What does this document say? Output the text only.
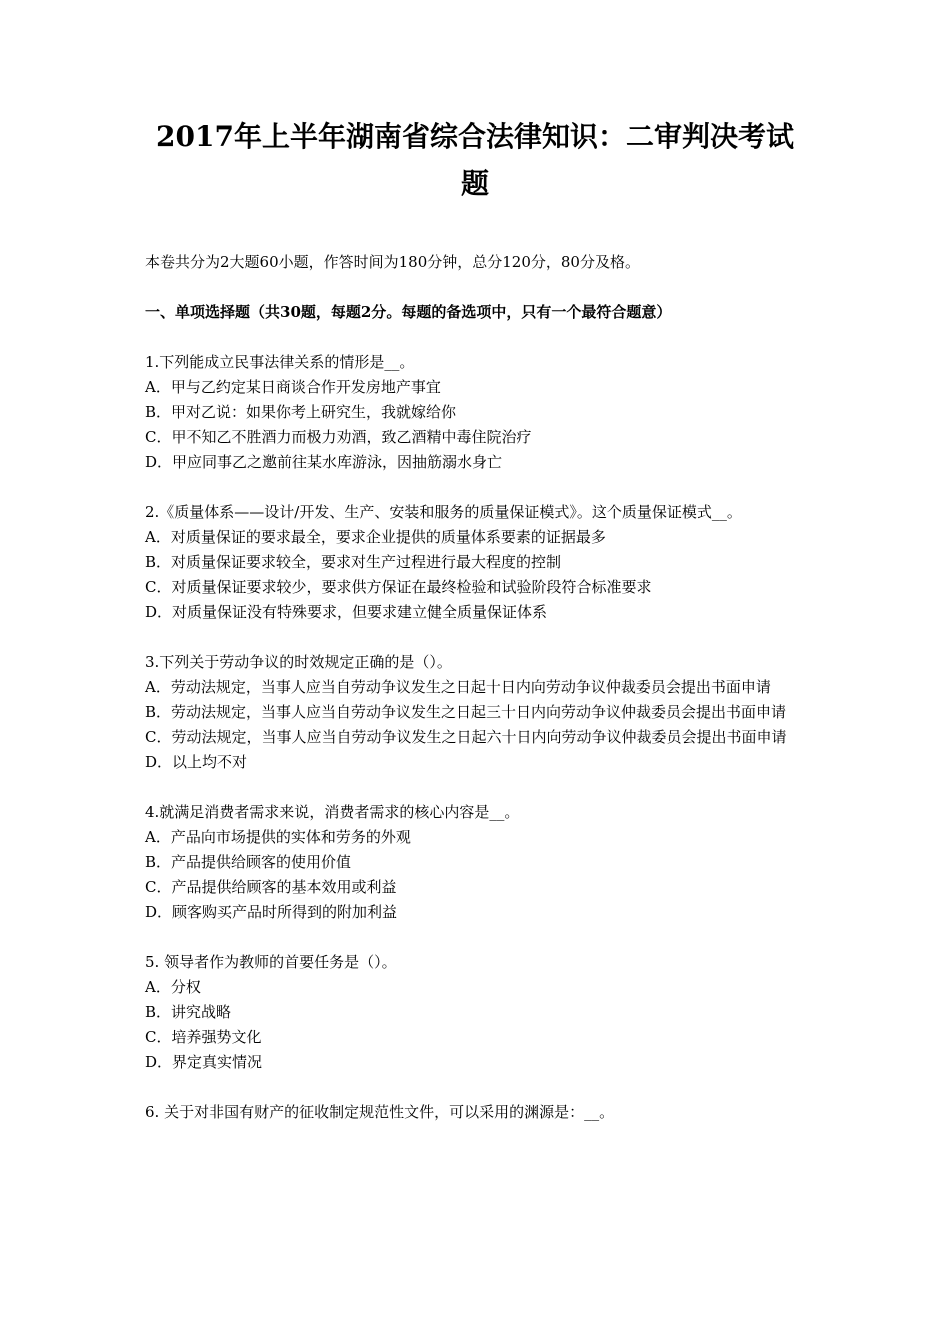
2017年上半年湖南省综合法律知识：二审判决考试题
本卷共分为2大题60小题，作答时间为180分钟，总分120分，80分及格。
一、单项选择题（共30题，每题2分。每题的备选项中，只有一个最符合题意）

1.下列能成立民事法律关系的情形是__。

A．甲与乙约定某日商谈合作开发房地产事宜

B．甲对乙说：如果你考上研究生，我就嫁给你

C．甲不知乙不胜酒力而极力劝酒，致乙酒精中毒住院治疗

D．甲应同事乙之邀前往某水库游泳，因抽筋溺水身亡

2.《质量体系——设计/开发、生产、安装和服务的质量保证模式》。这个质量保证模式__。

A．对质量保证的要求最全，要求企业提供的质量体系要素的证据最多

B．对质量保证要求较全，要求对生产过程进行最大程度的控制

C．对质量保证要求较少，要求供方保证在最终检验和试验阶段符合标准要求

D．对质量保证没有特殊要求，但要求建立健全质量保证体系

3.下列关于劳动争议的时效规定正确的是（）。

A．劳动法规定，当事人应当自劳动争议发生之日起十日内向劳动争议仲裁委员会提出书面申请

B．劳动法规定，当事人应当自劳动争议发生之日起三十日内向劳动争议仲裁委员会提出书面申请

C．劳动法规定，当事人应当自劳动争议发生之日起六十日内向劳动争议仲裁委员会提出书面申请

D．以上均不对

4.就满足消费者需求来说，消费者需求的核心内容是__。

A．产品向市场提供的实体和劳务的外观

B．产品提供给顾客的使用价值

C．产品提供给顾客的基本效用或利益

D．顾客购买产品时所得到的附加利益

5. 领导者作为教师的首要任务是（）。

A．分权

B．讲究战略

C．培养强势文化

D．界定真实情况

6. 关于对非国有财产的征收制定规范性文件，可以采用的渊源是：__。
